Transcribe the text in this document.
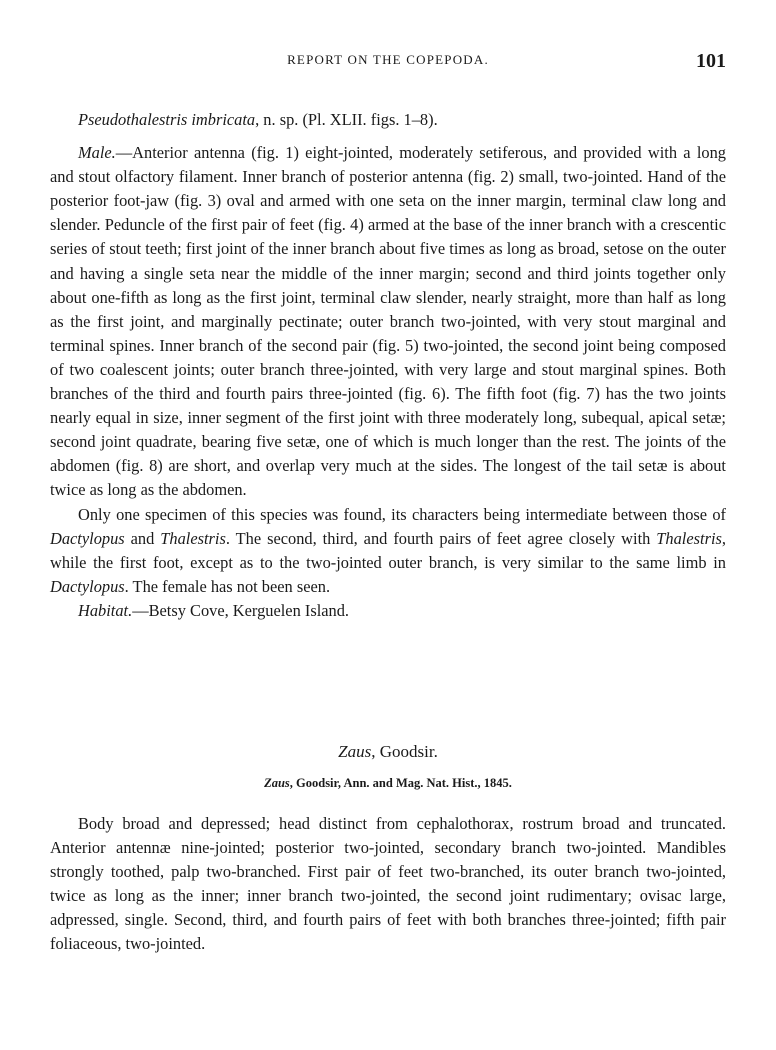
REPORT ON THE COPEPODA.	101

Pseudothalestris imbricata, n. sp. (Pl. XLII. figs. 1–8).

Male.—Anterior antenna (fig. 1) eight-jointed, moderately setiferous, and provided with a long and stout olfactory filament. Inner branch of posterior antenna (fig. 2) small, two-jointed. Hand of the posterior foot-jaw (fig. 3) oval and armed with one seta on the inner margin, terminal claw long and slender. Peduncle of the first pair of feet (fig. 4) armed at the base of the inner branch with a crescentic series of stout teeth; first joint of the inner branch about five times as long as broad, setose on the outer and having a single seta near the middle of the inner margin; second and third joints together only about one-fifth as long as the first joint, terminal claw slender, nearly straight, more than half as long as the first joint, and marginally pectinate; outer branch two-jointed, with very stout marginal and terminal spines. Inner branch of the second pair (fig. 5) two-jointed, the second joint being composed of two coalescent joints; outer branch three-jointed, with very large and stout marginal spines. Both branches of the third and fourth pairs three-jointed (fig. 6). The fifth foot (fig. 7) has the two joints nearly equal in size, inner segment of the first joint with three moderately long, subequal, apical setæ; second joint quadrate, bearing five setæ, one of which is much longer than the rest. The joints of the abdomen (fig. 8) are short, and overlap very much at the sides. The longest of the tail setæ is about twice as long as the abdomen.

Only one specimen of this species was found, its characters being intermediate between those of Dactylopus and Thalestris. The second, third, and fourth pairs of feet agree closely with Thalestris, while the first foot, except as to the two-jointed outer branch, is very similar to the same limb in Dactylopus. The female has not been seen.

Habitat.—Betsy Cove, Kerguelen Island.

Zaus, Goodsir.
Zaus, Goodsir, Ann. and Mag. Nat. Hist., 1845.

Body broad and depressed; head distinct from cephalothorax, rostrum broad and truncated. Anterior antennæ nine-jointed; posterior two-jointed, secondary branch two-jointed. Mandibles strongly toothed, palp two-branched. First pair of feet two-branched, its outer branch two-jointed, twice as long as the inner; inner branch two-jointed, the second joint rudimentary; ovisac large, adpressed, single. Second, third, and fourth pairs of feet with both branches three-jointed; fifth pair foliaceous, two-jointed.
